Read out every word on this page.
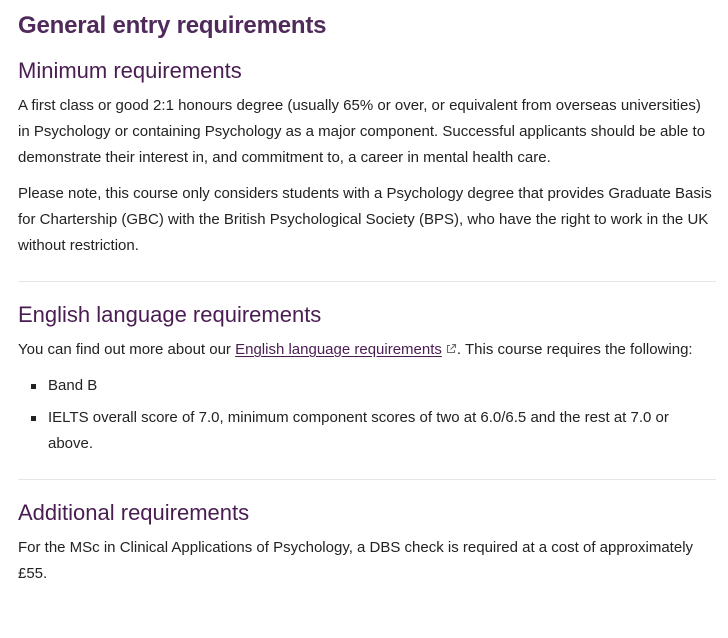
General entry requirements
Minimum requirements

A first class or good 2:1 honours degree (usually 65% or over, or equivalent from overseas universities) in Psychology or containing Psychology as a major component. Successful applicants should be able to demonstrate their interest in, and commitment to, a career in mental health care.

Please note, this course only considers students with a Psychology degree that provides Graduate Basis for Chartership (GBC) with the British Psychological Society (BPS), who have the right to work in the UK without restriction.

English language requirements

You can find out more about our English language requirements . This course requires the following:

Band B
IELTS overall score of 7.0, minimum component scores of two at 6.0/6.5 and the rest at 7.0 or above.
Additional requirements

For the MSc in Clinical Applications of Psychology, a DBS check is required at a cost of approximately £55.
